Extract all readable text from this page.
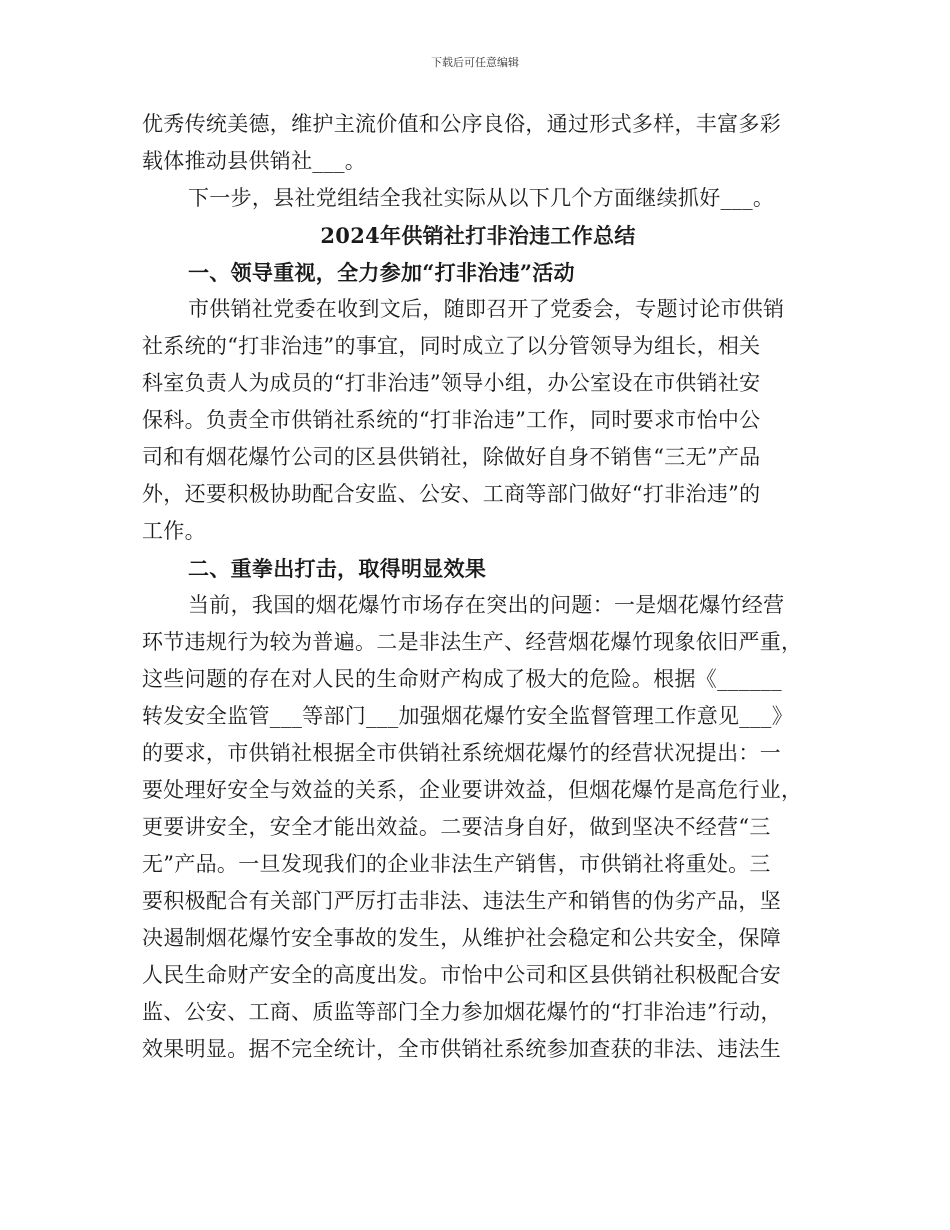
下载后可任意编辑
优秀传统美德，维护主流价值和公序良俗，通过形式多样，丰富多彩
载体推动县供销社___。
下一步，县社党组结全我社实际从以下几个方面继续抓好___。
2024年供销社打非治违工作总结
一、领导重视，全力参加“打非治违”活动
市供销社党委在收到文后，随即召开了党委会，专题讨论市供销
社系统的“打非治违”的事宜，同时成立了以分管领导为组长，相关
科室负责人为成员的“打非治违”领导小组，办公室设在市供销社安
保科。负责全市供销社系统的“打非治违”工作，同时要求市怡中公
司和有烟花爆竹公司的区县供销社，除做好自身不销售“三无”产品
外，还要积极协助配合安监、公安、工商等部门做好“打非治违”的
工作。
二、重拳出打击，取得明显效果
当前，我国的烟花爆竹市场存在突出的问题：一是烟花爆竹经营
环节违规行为较为普遍。二是非法生产、经营烟花爆竹现象依旧严重，
这些问题的存在对人民的生命财产构成了极大的危险。根据《______
转发安全监管___等部门___加强烟花爆竹安全监督管理工作意见___》
的要求，市供销社根据全市供销社系统烟花爆竹的经营状况提出：一
要处理好安全与效益的关系，企业要讲效益，但烟花爆竹是高危行业，
更要讲安全，安全才能出效益。二要洁身自好，做到坚决不经营“三
无”产品。一旦发现我们的企业非法生产销售，市供销社将重处。三
要积极配合有关部门严厉打击非法、违法生产和销售的伪劣产品，坚
决遏制烟花爆竹安全事故的发生，从维护社会稳定和公共安全，保障
人民生命财产安全的高度出发。市怡中公司和区县供销社积极配合安
监、公安、工商、质监等部门全力参加烟花爆竹的“打非治违”行动，
效果明显。据不完全统计，全市供销社系统参加查获的非法、违法生
